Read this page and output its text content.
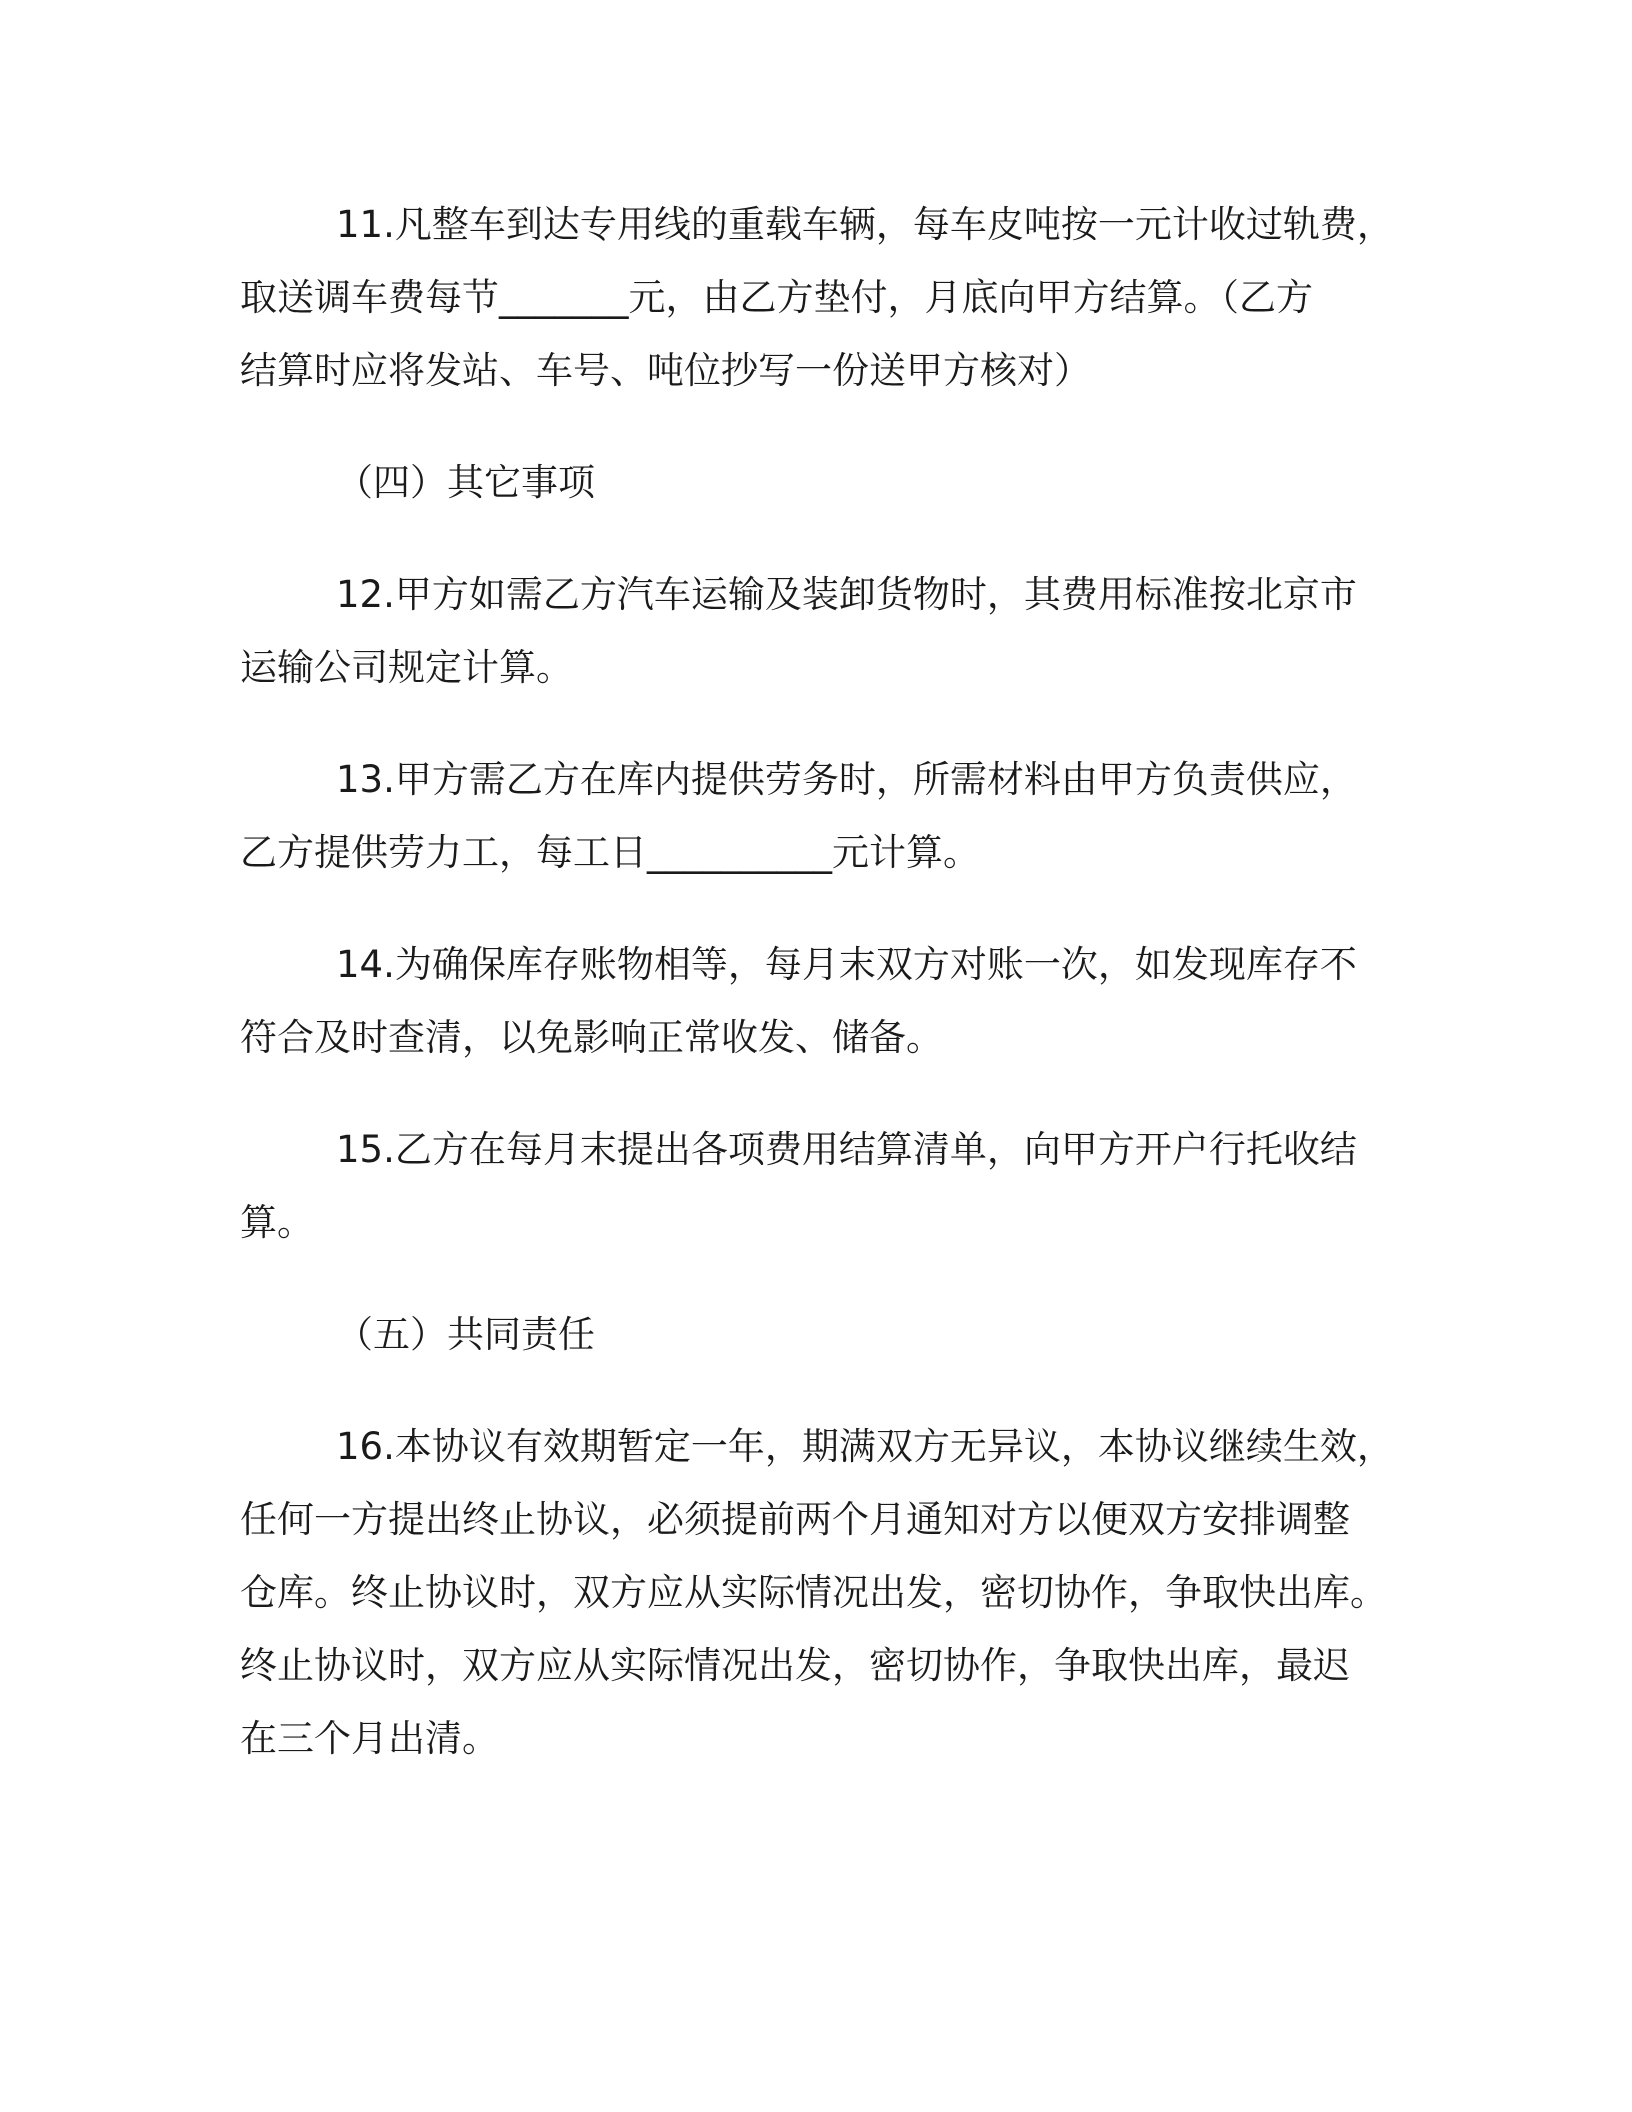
11.凡整车到达专用线的重载车辆，每车皮吨按一元计收过轨费，
取送调车费每节_______元，由乙方垫付，月底向甲方结算。（乙方
结算时应将发站、车号、吨位抄写一份送甲方核对）
（四）其它事项
12.甲方如需乙方汽车运输及装卸货物时，其费用标准按北京市
运输公司规定计算。
13.甲方需乙方在库内提供劳务时，所需材料由甲方负责供应，
乙方提供劳力工，每工日__________元计算。
14.为确保库存账物相等，每月末双方对账一次，如发现库存不
符合及时查清，以免影响正常收发、储备。
15.乙方在每月末提出各项费用结算清单，向甲方开户行托收结
算。
（五）共同责任
16.本协议有效期暂定一年，期满双方无异议，本协议继续生效，
任何一方提出终止协议，必须提前两个月通知对方以便双方安排调整
仓库。终止协议时，双方应从实际情况出发，密切协作，争取快出库。
终止协议时，双方应从实际情况出发，密切协作，争取快出库，最迟
在三个月出清。
